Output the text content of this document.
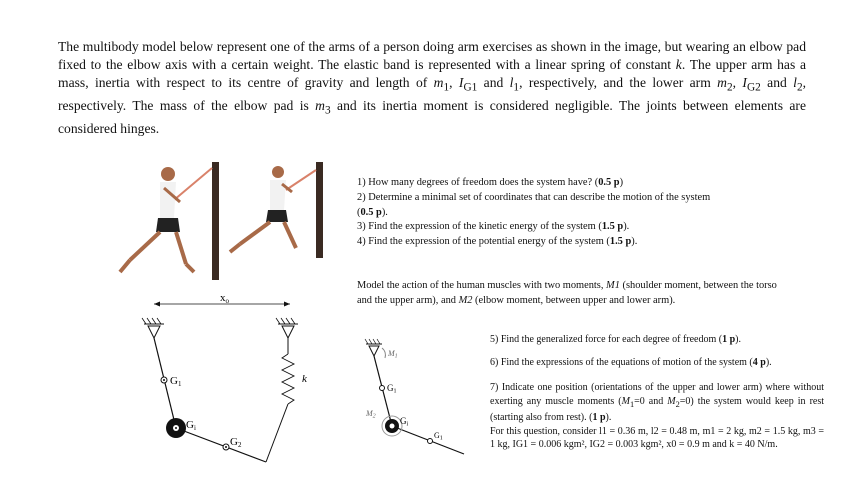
The multibody model below represent one of the arms of a person doing arm exercises as shown in the image, but wearing an elbow pad fixed to the elbow axis with a certain weight. The elastic band is represented with a linear spring of constant k. The upper arm has a mass, inertia with respect to its centre of gravity and length of $m_1$, $I_{G1}$ and $l_1$, respectively, and the lower arm $m_2$, $I_{G2}$ and $l_2$, respectively. The mass of the elbow pad is $m_3$ and its inertia moment is considered negligible. The joints between elements are considered hinges.
xo
k
G1
Gi
G2
M1
G1
M2	Gi
G1
1) How many degrees of freedom does the system have? (0.5 p)
2) Determine a minimal set of coordinates that can describe the motion of the system
(0.5 p).
3) Find the expression of the kinetic energy of the system (1.5 p).
4) Find the expression of the potential energy of the system (1.5 p).
Model the action of the human muscles with two moments, M1 (shoulder moment, between the torso and the upper arm), and M2 (elbow moment, between upper and lower arm).
5) Find the generalized force for each degree of freedom (1 p).
6) Find the expressions of the equations of motion of the system (4 p).
7) Indicate one position (orientations of the upper and lower arm) where without exerting any muscle moments ($M_1=0$ and $M_2=0$) the system would keep in rest (starting also from rest). (1 p).
For this question, consider l1 = 0.36 m, l2 = 0.48 m, m1 = 2 kg, m2 = 1.5 kg, m3 = 1 kg, IG1 = 0.006 kgm², IG2 = 0.003 kgm², x0 = 0.9 m and k = 40 N/m.
